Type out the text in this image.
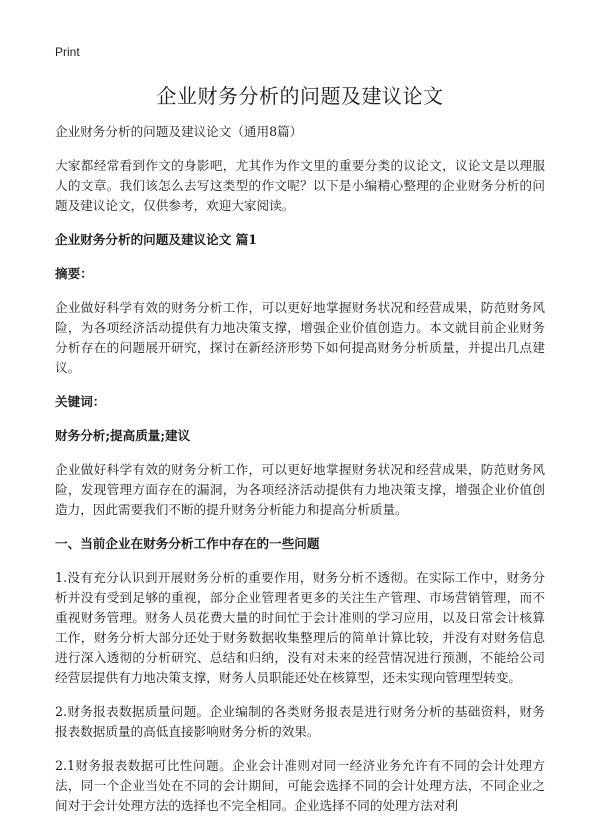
Print
企业财务分析的问题及建议论文

企业财务分析的问题及建议论文（通用8篇）

大家都经常看到作文的身影吧，尤其作为作文里的重要分类的议论文，议论文是以理服人的文章。我们该怎么去写这类型的作文呢？以下是小编精心整理的企业财务分析的问题及建议论文，仅供参考，欢迎大家阅读。

企业财务分析的问题及建议论文 篇1

摘要：

企业做好科学有效的财务分析工作，可以更好地掌握财务状况和经营成果，防范财务风险，为各项经济活动提供有力地决策支撑，增强企业价值创造力。本文就目前企业财务分析存在的问题展开研究，探讨在新经济形势下如何提高财务分析质量，并提出几点建议。

关键词：

财务分析;提高质量;建议

企业做好科学有效的财务分析工作，可以更好地掌握财务状况和经营成果，防范财务风险，发现管理方面存在的漏洞，为各项经济活动提供有力地决策支撑，增强企业价值创造力，因此需要我们不断的提升财务分析能力和提高分析质量。

一、当前企业在财务分析工作中存在的一些问题

1.没有充分认识到开展财务分析的重要作用，财务分析不透彻。在实际工作中，财务分析并没有受到足够的重视，部分企业管理者更多的关注生产管理、市场营销管理，而不重视财务管理。财务人员花费大量的时间忙于会计准则的学习应用，以及日常会计核算工作，财务分析大部分还处于财务数据收集整理后的简单计算比较，并没有对财务信息进行深入透彻的分析研究、总结和归纳，没有对未来的经营情况进行预测，不能给公司经营层提供有力地决策支撑，财务人员职能还处在核算型，还未实现向管理型转变。

2.财务报表数据质量问题。企业编制的各类财务报表是进行财务分析的基础资料，财务报表数据质量的高低直接影响财务分析的效果。

2.1财务报表数据可比性问题。企业会计准则对同一经济业务允许有不同的会计处理方法，同一个企业当处在不同的会计期间，可能会选择不同的会计处理方法，不同企业之间对于会计处理方法的选择也不完全相同。企业选择不同的处理方法对利
